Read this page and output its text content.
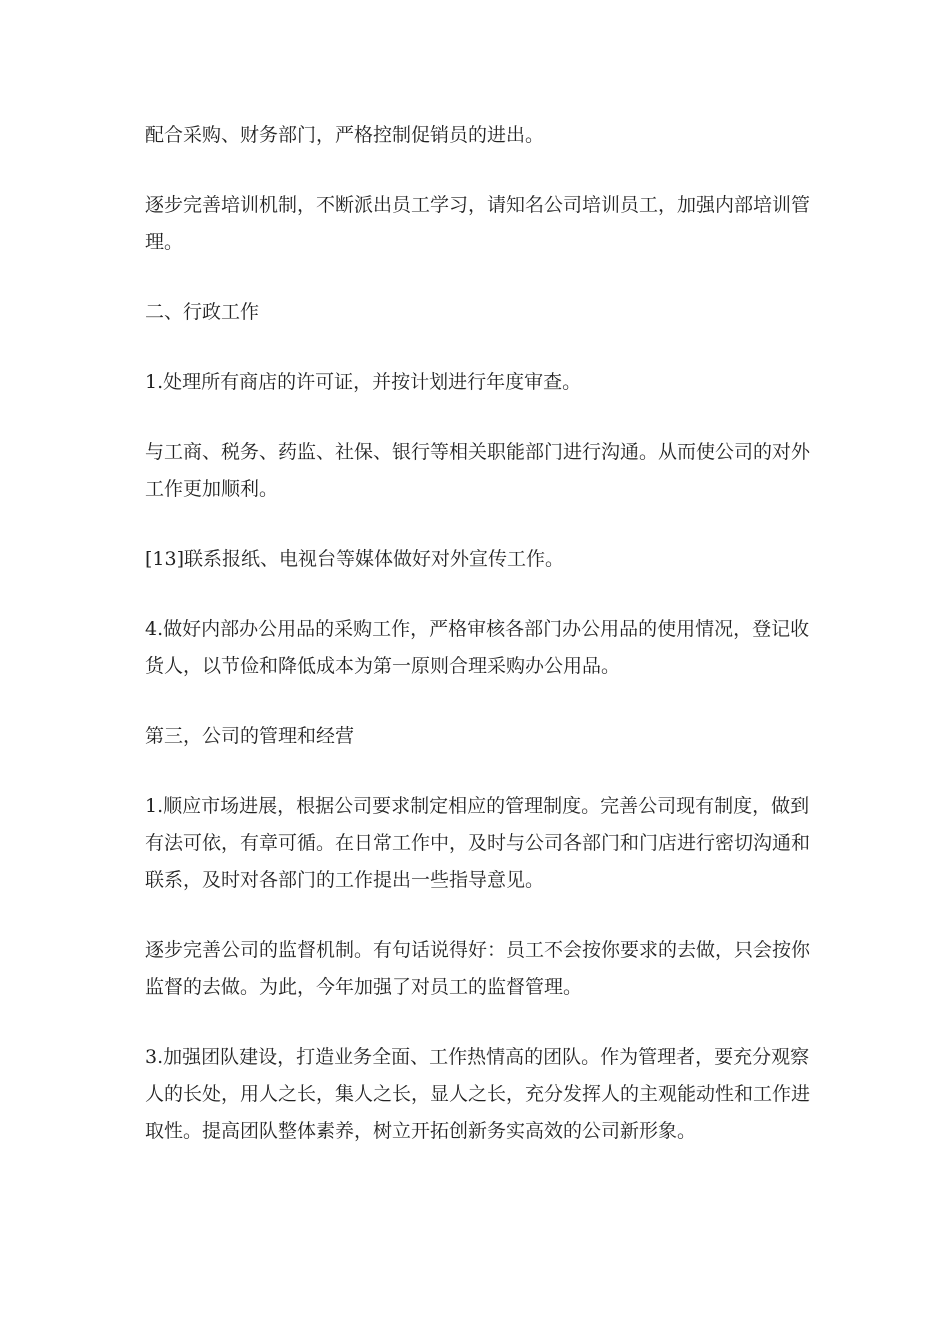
配合采购、财务部门，严格控制促销员的进出。

逐步完善培训机制，不断派出员工学习，请知名公司培训员工，加强内部培训管理。

二、行政工作

1.处理所有商店的许可证，并按计划进行年度审查。

与工商、税务、药监、社保、银行等相关职能部门进行沟通。从而使公司的对外工作更加顺利。

[13]联系报纸、电视台等媒体做好对外宣传工作。

4.做好内部办公用品的采购工作，严格审核各部门办公用品的使用情况，登记收货人，以节俭和降低成本为第一原则合理采购办公用品。

第三，公司的管理和经营

1.顺应市场进展，根据公司要求制定相应的管理制度。完善公司现有制度，做到有法可依，有章可循。在日常工作中，及时与公司各部门和门店进行密切沟通和联系，及时对各部门的工作提出一些指导意见。

逐步完善公司的监督机制。有句话说得好：员工不会按你要求的去做，只会按你监督的去做。为此，今年加强了对员工的监督管理。

3.加强团队建设，打造业务全面、工作热情高的团队。作为管理者，要充分观察人的长处，用人之长，集人之长，显人之长，充分发挥人的主观能动性和工作进取性。提高团队整体素养，树立开拓创新务实高效的公司新形象。
